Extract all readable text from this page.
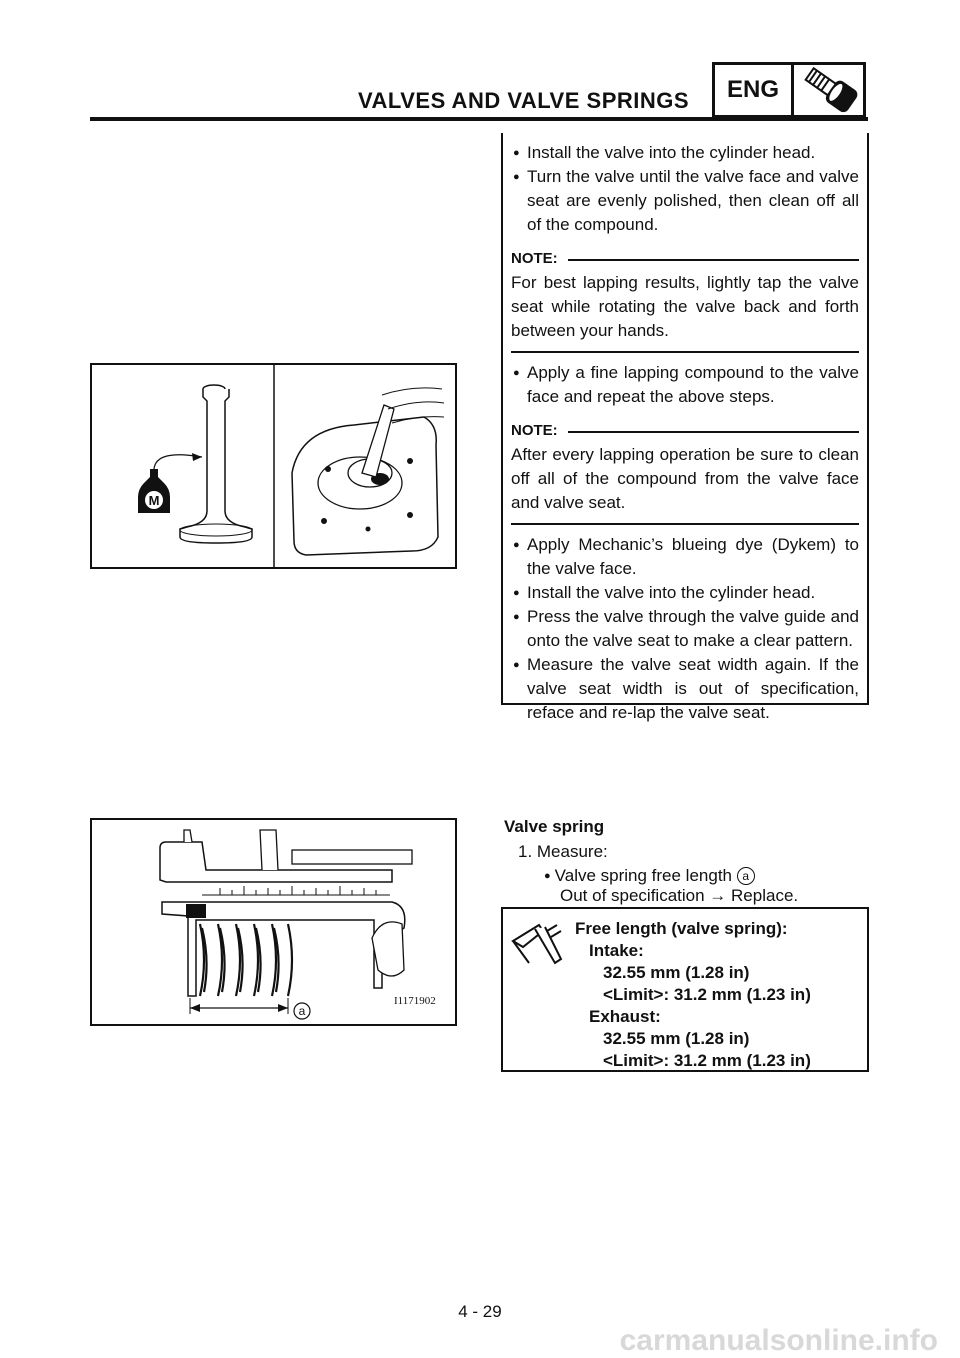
VALVES AND VALVE SPRINGS	ENG
● Install the valve into the cylinder head.
● Turn the valve until the valve face and valve seat are evenly polished, then clean off all of the compound.
NOTE:
For best lapping results, lightly tap the valve seat while rotating the valve back and forth between your hands.
● Apply a fine lapping compound to the valve face and repeat the above steps.
NOTE:
After every lapping operation be sure to clean off all of the compound from the valve face and valve seat.
● Apply Mechanic’s blueing dye (Dykem) to the valve face.
● Install the valve into the cylinder head.
● Press the valve through the valve guide and onto the valve seat to make a clear pattern.
● Measure the valve seat width again. If the valve seat width is out of specification, reface and re-lap the valve seat.
M
a
I1171902
Valve spring
1. Measure:
● Valve spring free length a
Out of specification → Replace.
Free length (valve spring):
Intake:
32.55 mm (1.28 in)
<Limit>: 31.2 mm (1.23 in)
Exhaust:
32.55 mm (1.28 in)
<Limit>: 31.2 mm (1.23 in)
4 - 29
carmanualsonline.info
